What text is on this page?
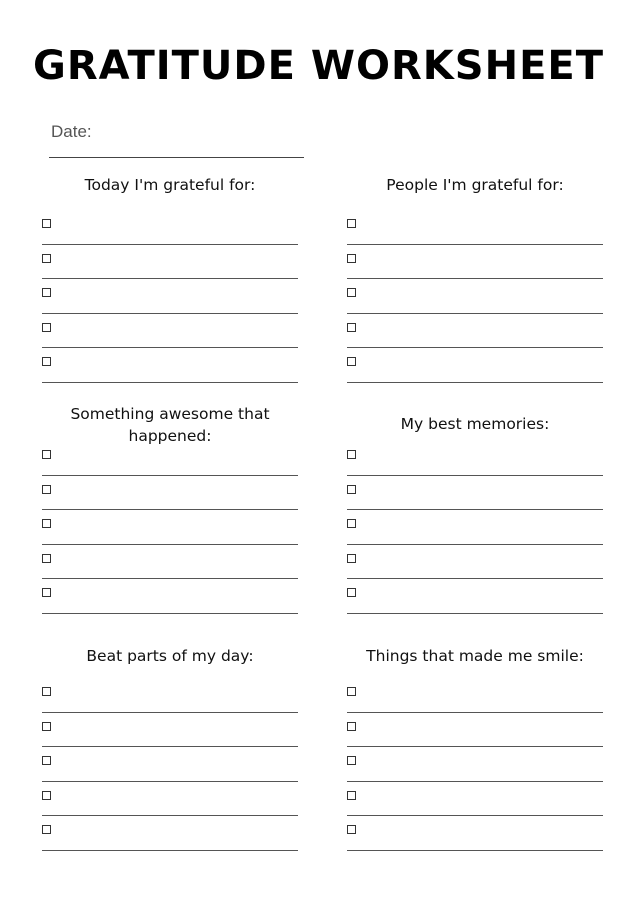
GRATITUDE WORKSHEET
Date:
Today I'm grateful for:	People I'm grateful for:
Something awesome that happened:
My best memories:
Beat parts of my day:	Things that made me smile:
